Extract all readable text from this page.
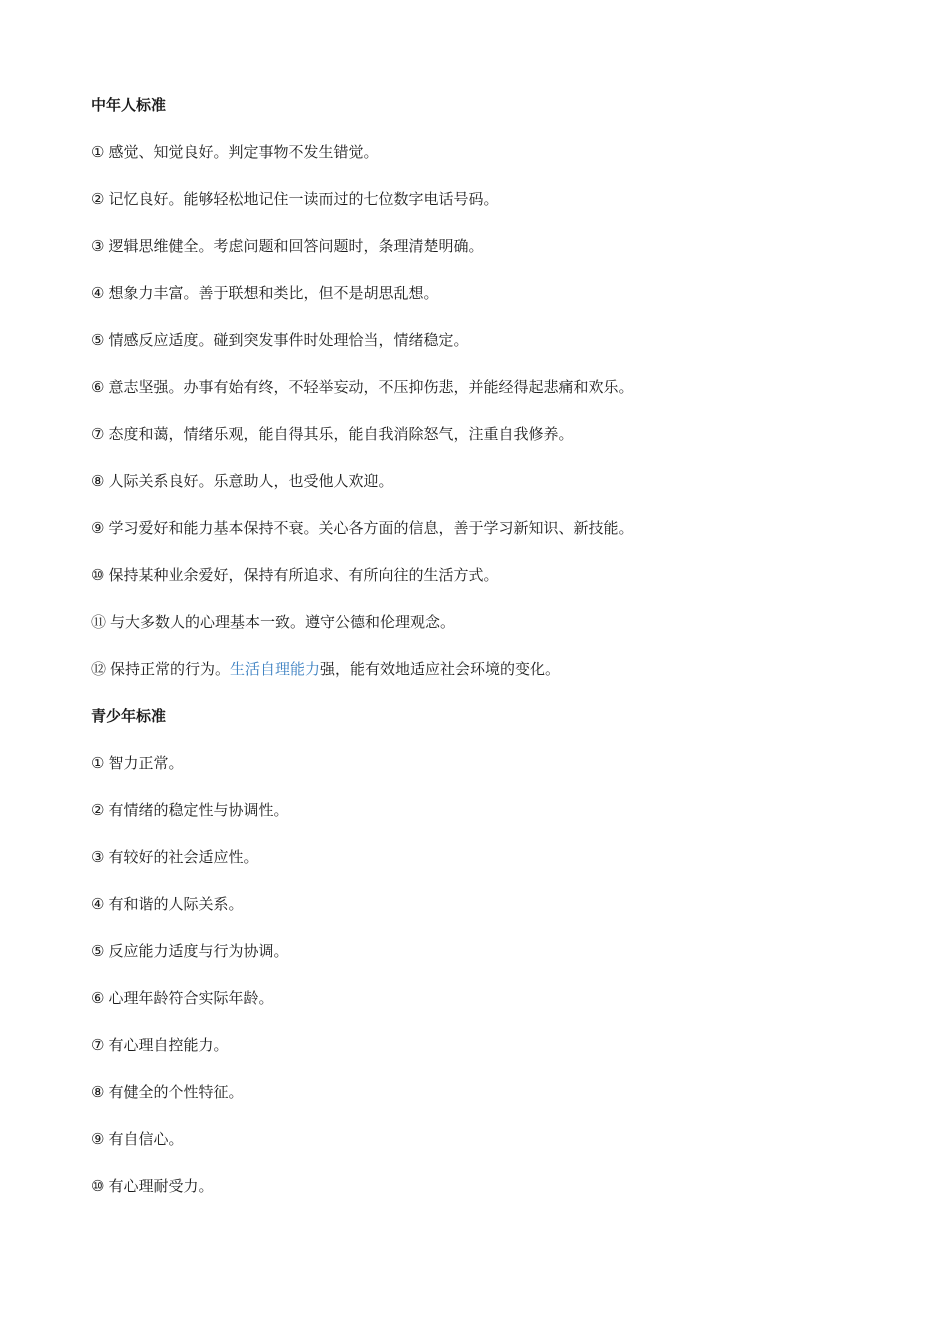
中年人标准
① 感觉、知觉良好。判定事物不发生错觉。
② 记忆良好。能够轻松地记住一读而过的七位数字电话号码。
③ 逻辑思维健全。考虑问题和回答问题时，条理清楚明确。
④ 想象力丰富。善于联想和类比，但不是胡思乱想。
⑤ 情感反应适度。碰到突发事件时处理恰当，情绪稳定。
⑥ 意志坚强。办事有始有终，不轻举妄动，不压抑伤悲，并能经得起悲痛和欢乐。
⑦ 态度和蔼，情绪乐观，能自得其乐，能自我消除怒气，注重自我修养。
⑧ 人际关系良好。乐意助人，也受他人欢迎。
⑨ 学习爱好和能力基本保持不衰。关心各方面的信息，善于学习新知识、新技能。
⑩ 保持某种业余爱好，保持有所追求、有所向往的生活方式。
⑪ 与大多数人的心理基本一致。遵守公德和伦理观念。
⑫ 保持正常的行为。生活自理能力强，能有效地适应社会环境的变化。
青少年标准
① 智力正常。
② 有情绪的稳定性与协调性。
③ 有较好的社会适应性。
④ 有和谐的人际关系。
⑤ 反应能力适度与行为协调。
⑥ 心理年龄符合实际年龄。
⑦ 有心理自控能力。
⑧ 有健全的个性特征。
⑨ 有自信心。
⑩ 有心理耐受力。
